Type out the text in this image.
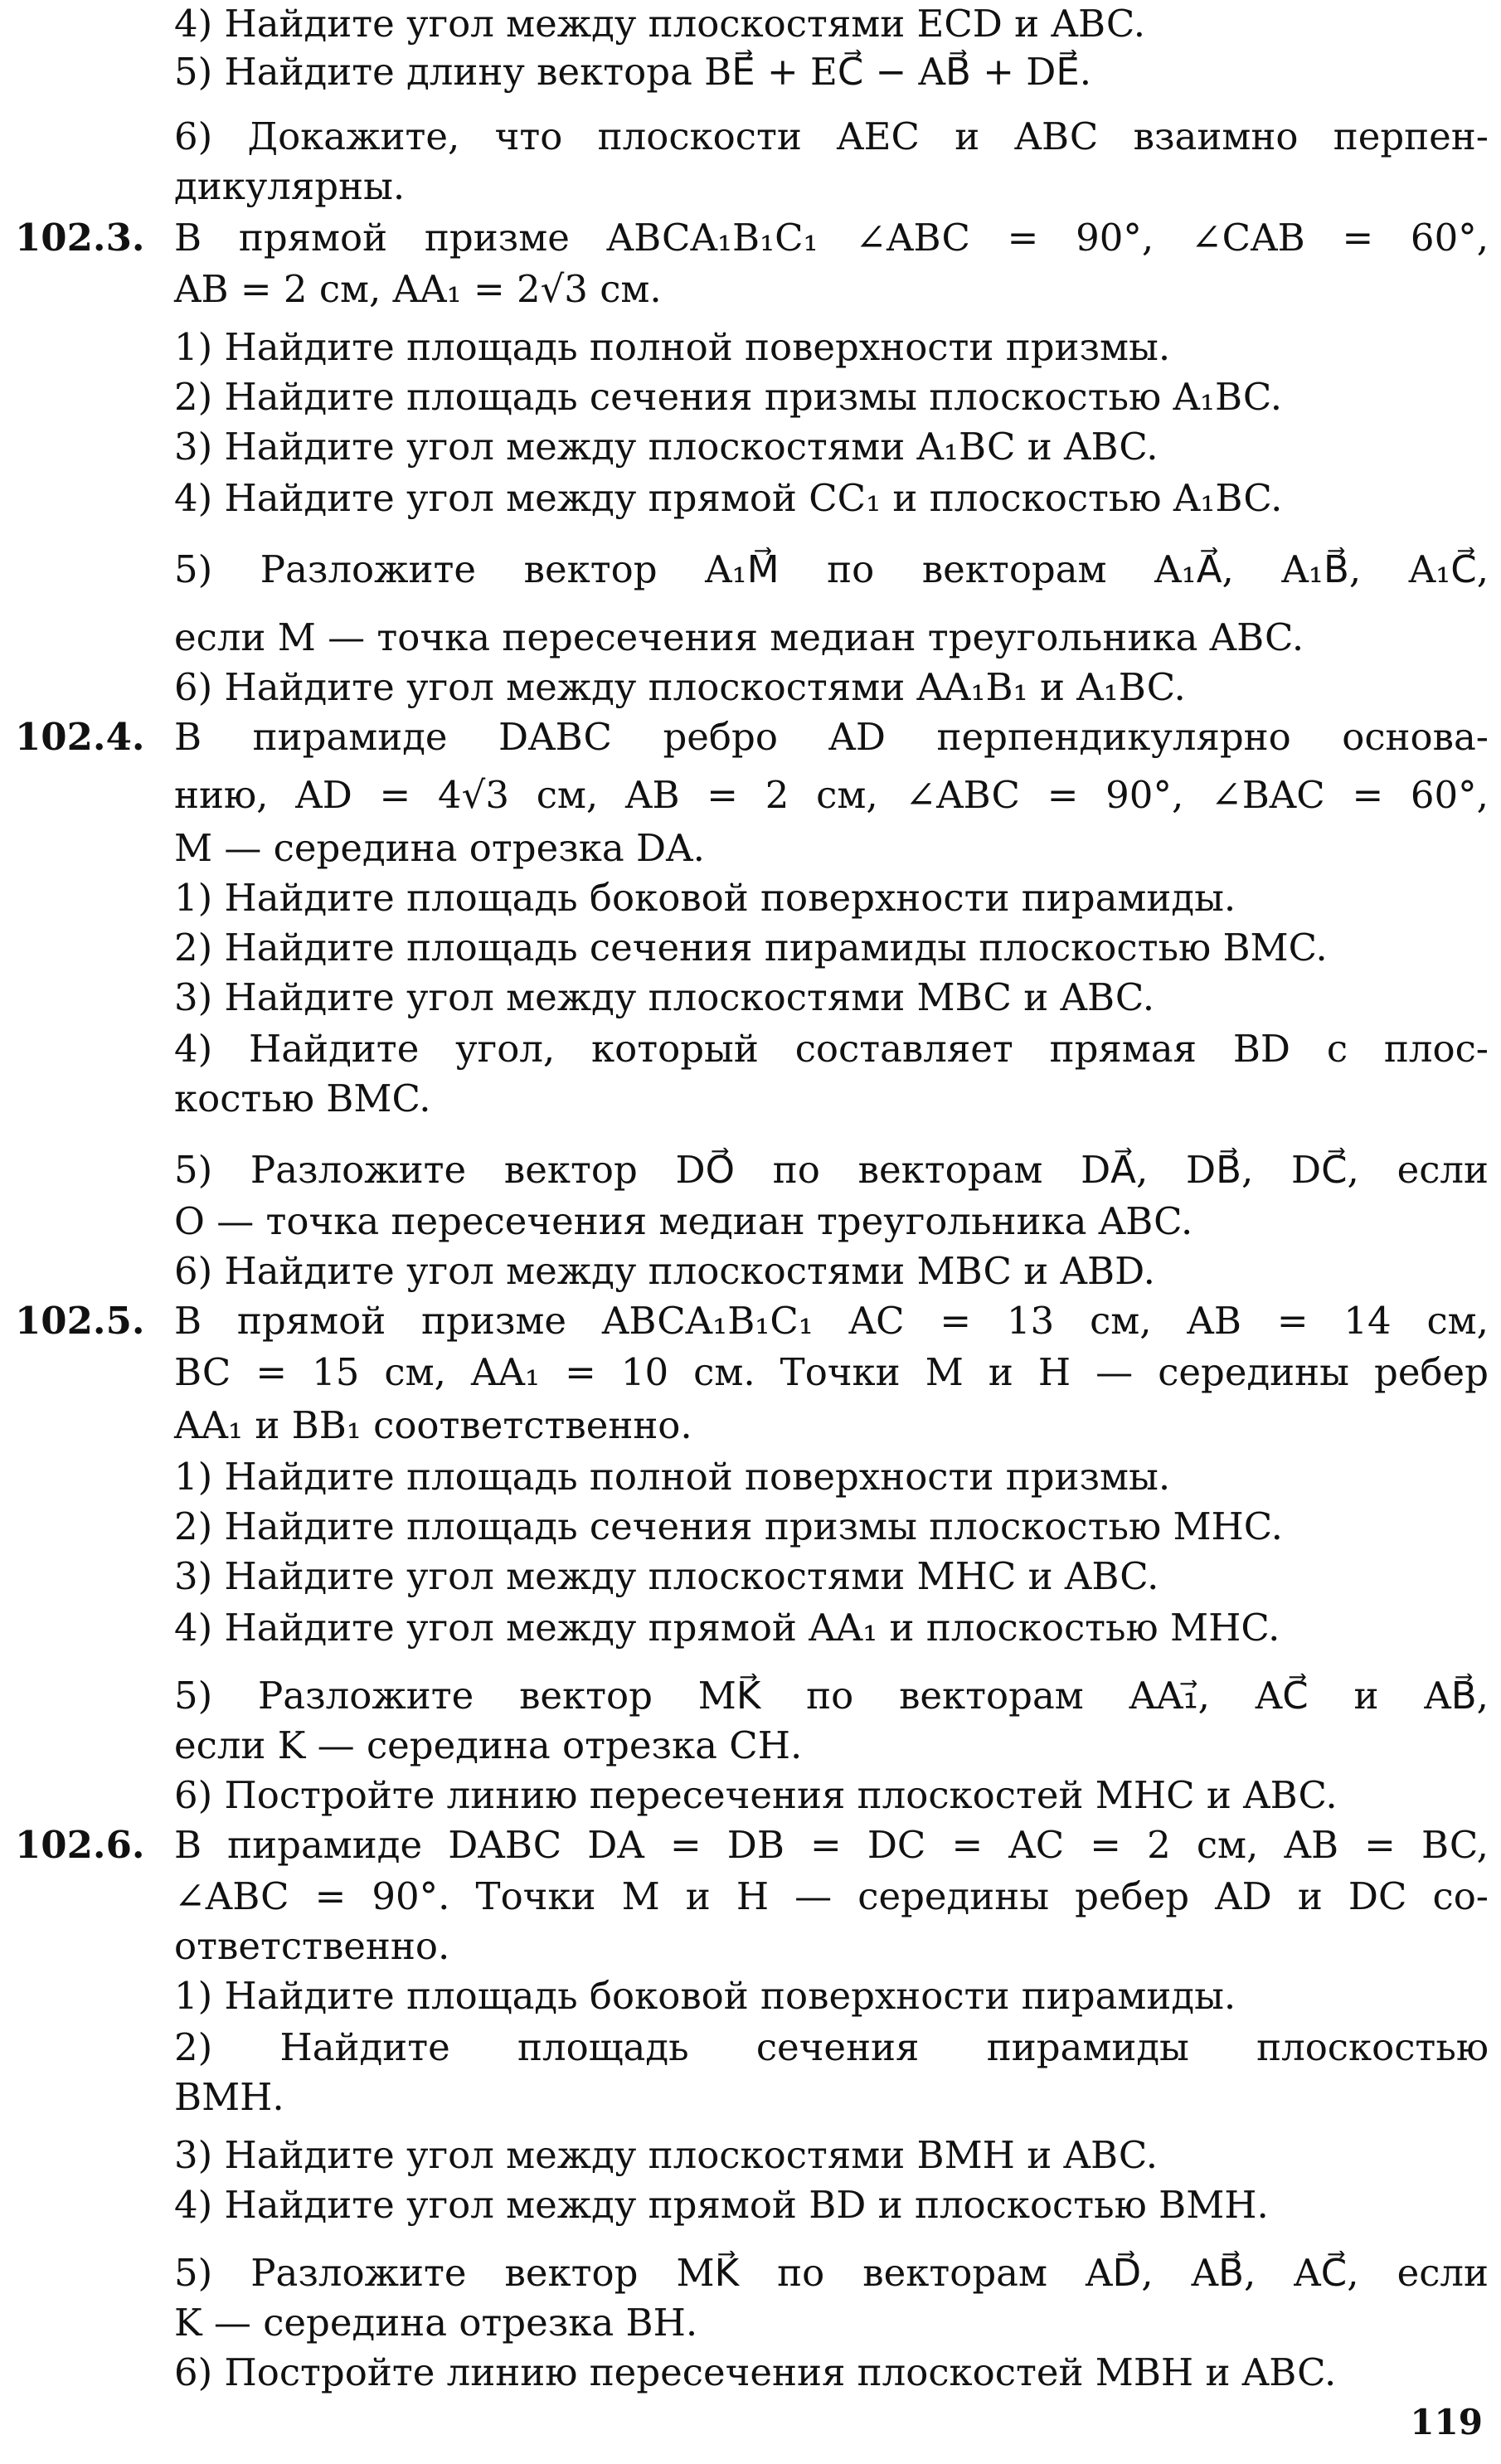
4) Найдите угол между плоскостями ECD и ABC.
5) Найдите длину вектора BE⃗ + EC⃗ − AB⃗ + DE⃗.
6) Докажите, что плоскости AEC и ABC взаимно перпен-
дикулярны.
102.3. В прямой призме ABCA₁B₁C₁ ∠ABC = 90°, ∠CAB = 60°,
AB = 2 см, AA₁ = 2√3 см.
1) Найдите площадь полной поверхности призмы.
2) Найдите площадь сечения призмы плоскостью A₁BC.
3) Найдите угол между плоскостями A₁BC и ABC.
4) Найдите угол между прямой CC₁ и плоскостью A₁BC.
5) Разложите вектор A₁M⃗ по векторам A₁A⃗, A₁B⃗, A₁C⃗,
если M — точка пересечения медиан треугольника ABC.
6) Найдите угол между плоскостями AA₁B₁ и A₁BC.
102.4. В пирамиде DABC ребро AD перпендикулярно основа-
нию, AD = 4√3 см, AB = 2 см, ∠ABC = 90°, ∠BAC = 60°,
M — середина отрезка DA.
1) Найдите площадь боковой поверхности пирамиды.
2) Найдите площадь сечения пирамиды плоскостью BMC.
3) Найдите угол между плоскостями MBC и ABC.
4) Найдите угол, который составляет прямая BD с плос-
костью BMC.
5) Разложите вектор DO⃗ по векторам DA⃗, DB⃗, DC⃗, если
O — точка пересечения медиан треугольника ABC.
6) Найдите угол между плоскостями MBC и ABD.
102.5. В прямой призме ABCA₁B₁C₁ AC = 13 см, AB = 14 см,
BC = 15 см, AA₁ = 10 см. Точки M и H — середины ребер
AA₁ и BB₁ соответственно.
1) Найдите площадь полной поверхности призмы.
2) Найдите площадь сечения призмы плоскостью MHC.
3) Найдите угол между плоскостями MHC и ABC.
4) Найдите угол между прямой AA₁ и плоскостью MHC.
5) Разложите вектор MK⃗ по векторам AA₁⃗, AC⃗ и AB⃗,
если K — середина отрезка CH.
6) Постройте линию пересечения плоскостей MHC и ABC.
102.6. В пирамиде DABC DA = DB = DC = AC = 2 см, AB = BC,
∠ABC = 90°. Точки M и H — середины ребер AD и DC со-
ответственно.
1) Найдите площадь боковой поверхности пирамиды.
2) Найдите площадь сечения пирамиды плоскостью
BMH.
3) Найдите угол между плоскостями BMH и ABC.
4) Найдите угол между прямой BD и плоскостью BMH.
5) Разложите вектор MK⃗ по векторам AD⃗, AB⃗, AC⃗, если
K — середина отрезка BH.
6) Постройте линию пересечения плоскостей MBH и ABC.
119
